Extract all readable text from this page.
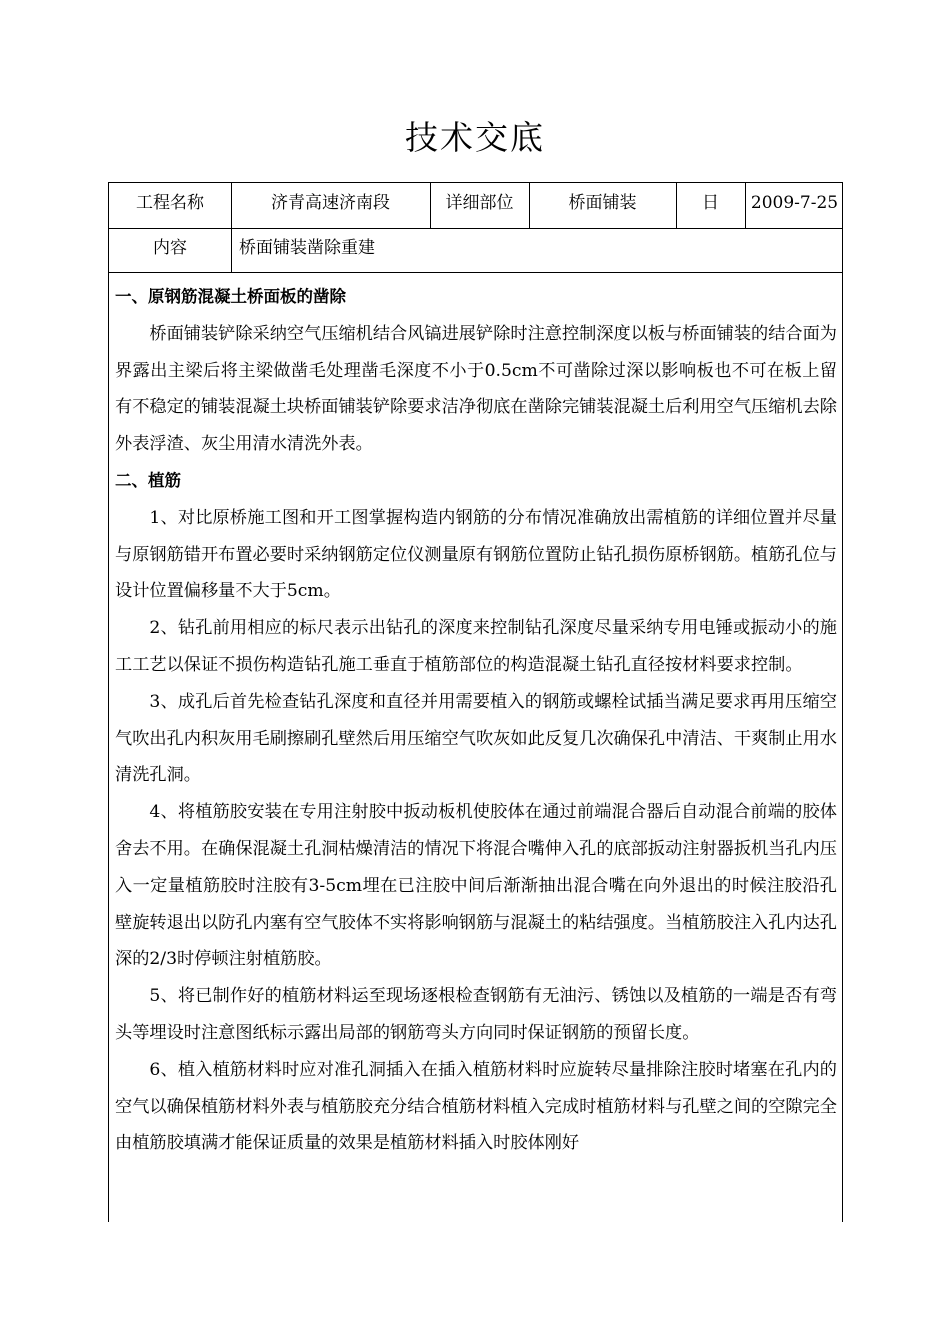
技术交底
工程名称	济青高速济南段	详细部位	桥面铺装	日	2009-7-25
内容	桥面铺装凿除重建

一、原钢筋混凝土桥面板的凿除

桥面铺装铲除采纳空气压缩机结合风镐进展铲除时注意控制深度以板与桥面铺装的结合面为界露出主梁后将主梁做凿毛处理凿毛深度不小于0.5cm不可凿除过深以影响板也不可在板上留有不稳定的铺装混凝土块桥面铺装铲除要求洁净彻底在凿除完铺装混凝土后利用空气压缩机去除外表浮渣、灰尘用清水清洗外表。

二、植筋

1、对比原桥施工图和开工图掌握构造内钢筋的分布情况准确放出需植筋的详细位置并尽量与原钢筋错开布置必要时采纳钢筋定位仪测量原有钢筋位置防止钻孔损伤原桥钢筋。植筋孔位与设计位置偏移量不大于5cm。

2、钻孔前用相应的标尺表示出钻孔的深度来控制钻孔深度尽量采纳专用电锤或振动小的施工工艺以保证不损伤构造钻孔施工垂直于植筋部位的构造混凝土钻孔直径按材料要求控制。

3、成孔后首先检查钻孔深度和直径并用需要植入的钢筋或螺栓试插当满足要求再用压缩空气吹出孔内积灰用毛刷擦刷孔壁然后用压缩空气吹灰如此反复几次确保孔中清洁、干爽制止用水清洗孔洞。

4、将植筋胶安装在专用注射胶中扳动板机使胶体在通过前端混合器后自动混合前端的胶体舍去不用。在确保混凝土孔洞枯燥清洁的情况下将混合嘴伸入孔的底部扳动注射器扳机当孔内压入一定量植筋胶时注胶有3-5cm埋在已注胶中间后渐渐抽出混合嘴在向外退出的时候注胶沿孔壁旋转退出以防孔内塞有空气胶体不实将影响钢筋与混凝土的粘结强度。当植筋胶注入孔内达孔深的2/3时停顿注射植筋胶。

5、将已制作好的植筋材料运至现场逐根检查钢筋有无油污、锈蚀以及植筋的一端是否有弯头等埋设时注意图纸标示露出局部的钢筋弯头方向同时保证钢筋的预留长度。

6、植入植筋材料时应对准孔洞插入在插入植筋材料时应旋转尽量排除注胶时堵塞在孔内的空气以确保植筋材料外表与植筋胶充分结合植筋材料植入完成时植筋材料与孔壁之间的空隙完全由植筋胶填满才能保证质量的效果是植筋材料插入时胶体刚好
